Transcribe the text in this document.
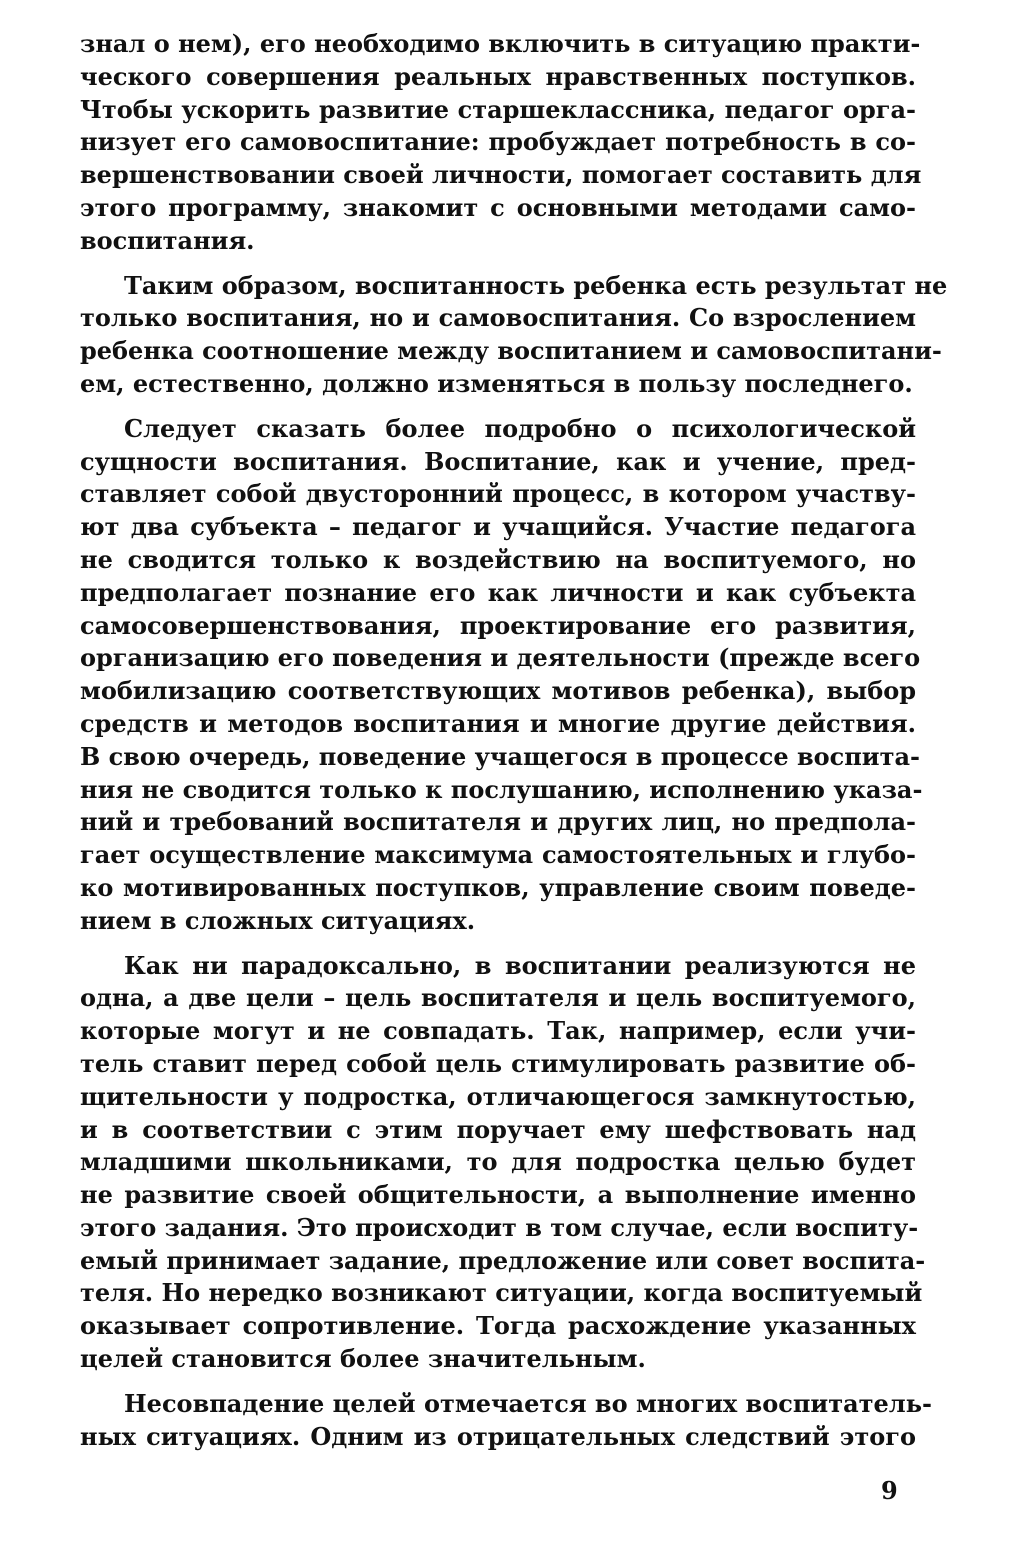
знал о нем), его необходимо включить в ситуацию практи-
ческого совершения реальных нравственных поступков.
Чтобы ускорить развитие старшеклассника, педагог орга-
низует его самовоспитание: пробуждает потребность в со-
вершенствовании своей личности, помогает составить для
этого программу, знакомит с основными методами само-
воспитания.
Таким образом, воспитанность ребенка есть результат не
только воспитания, но и самовоспитания. Со взрослением
ребенка соотношение между воспитанием и самовоспитани-
ем, естественно, должно изменяться в пользу последнего.
Следует сказать более подробно о психологической
сущности воспитания. Воспитание, как и учение, пред-
ставляет собой двусторонний процесс, в котором участву-
ют два субъекта – педагог и учащийся. Участие педагога
не сводится только к воздействию на воспитуемого, но
предполагает познание его как личности и как субъекта
самосовершенствования, проектирование его развития,
организацию его поведения и деятельности (прежде всего
мобилизацию соответствующих мотивов ребенка), выбор
средств и методов воспитания и многие другие действия.
В свою очередь, поведение учащегося в процессе воспита-
ния не сводится только к послушанию, исполнению указа-
ний и требований воспитателя и других лиц, но предпола-
гает осуществление максимума самостоятельных и глубо-
ко мотивированных поступков, управление своим поведе-
нием в сложных ситуациях.
Как ни парадоксально, в воспитании реализуются не
одна, а две цели – цель воспитателя и цель воспитуемого,
которые могут и не совпадать. Так, например, если учи-
тель ставит перед собой цель стимулировать развитие об-
щительности у подростка, отличающегося замкнутостью,
и в соответствии с этим поручает ему шефствовать над
младшими школьниками, то для подростка целью будет
не развитие своей общительности, а выполнение именно
этого задания. Это происходит в том случае, если воспиту-
емый принимает задание, предложение или совет воспита-
теля. Но нередко возникают ситуации, когда воспитуемый
оказывает сопротивление. Тогда расхождение указанных
целей становится более значительным.
Несовпадение целей отмечается во многих воспитатель-
ных ситуациях. Одним из отрицательных следствий этого
9
